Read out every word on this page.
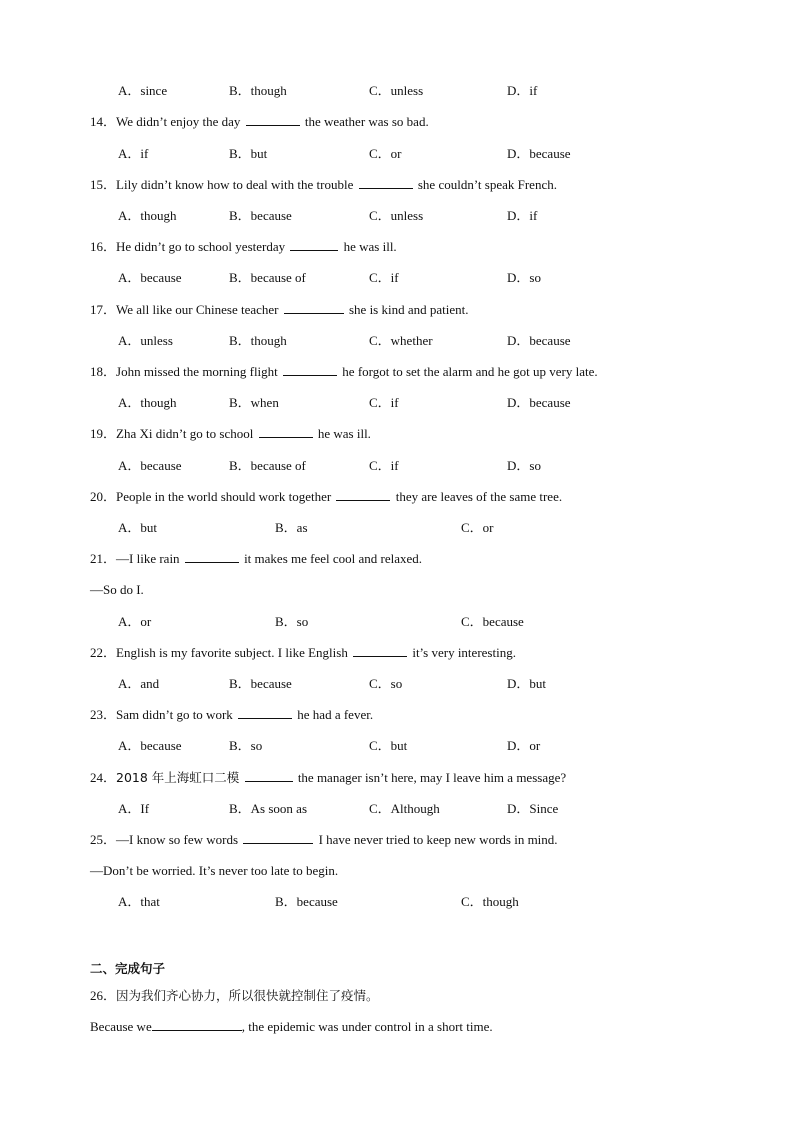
A．since	B．though	C．unless	D．if
14．We didn’t enjoy the day	the weather was so bad.
A．if	B．but	C．or	D．because
15．Lily didn’t know how to deal with the trouble	she couldn’t speak French.
A．though	B．because	C．unless	D．if
16．He didn’t go to school yesterday	he was ill.
A．because	B．because of	C．if	D．so
17．We all like our Chinese teacher	she is kind and patient.
A．unless	B．though	C．whether	D．because
18．John missed the morning flight	he forgot to set the alarm and he got up very late.
A．though	B．when	C．if	D．because
19．Zha Xi didn’t go to school	he was ill.
A．because	B．because of	C．if	D．so
20．People in the world should work together	they are leaves of the same tree.
A．but	B．as	C．or
21．—I like rain	it makes me feel cool and relaxed.
—So do I.
A．or	B．so	C．because
22．English is my favorite subject. I like English	it’s very interesting.
A．and	B．because	C．so	D．but
23．Sam didn’t go to work	he had a fever.
A．because	B．so	C．but	D．or
24．2018 年上海虹口二模	the manager isn’t here, may I leave him a message?
A．If	B．As soon as	C．Although	D．Since
25．—I know so few words	I have never tried to keep new words in mind.
—Don’t be worried. It’s never too late to begin.
A．that	B．because	C．though
二、完成句子
26．因为我们齐心协力，所以很快就控制住了疫情。
Because we	, the epidemic was under control in a short time.
